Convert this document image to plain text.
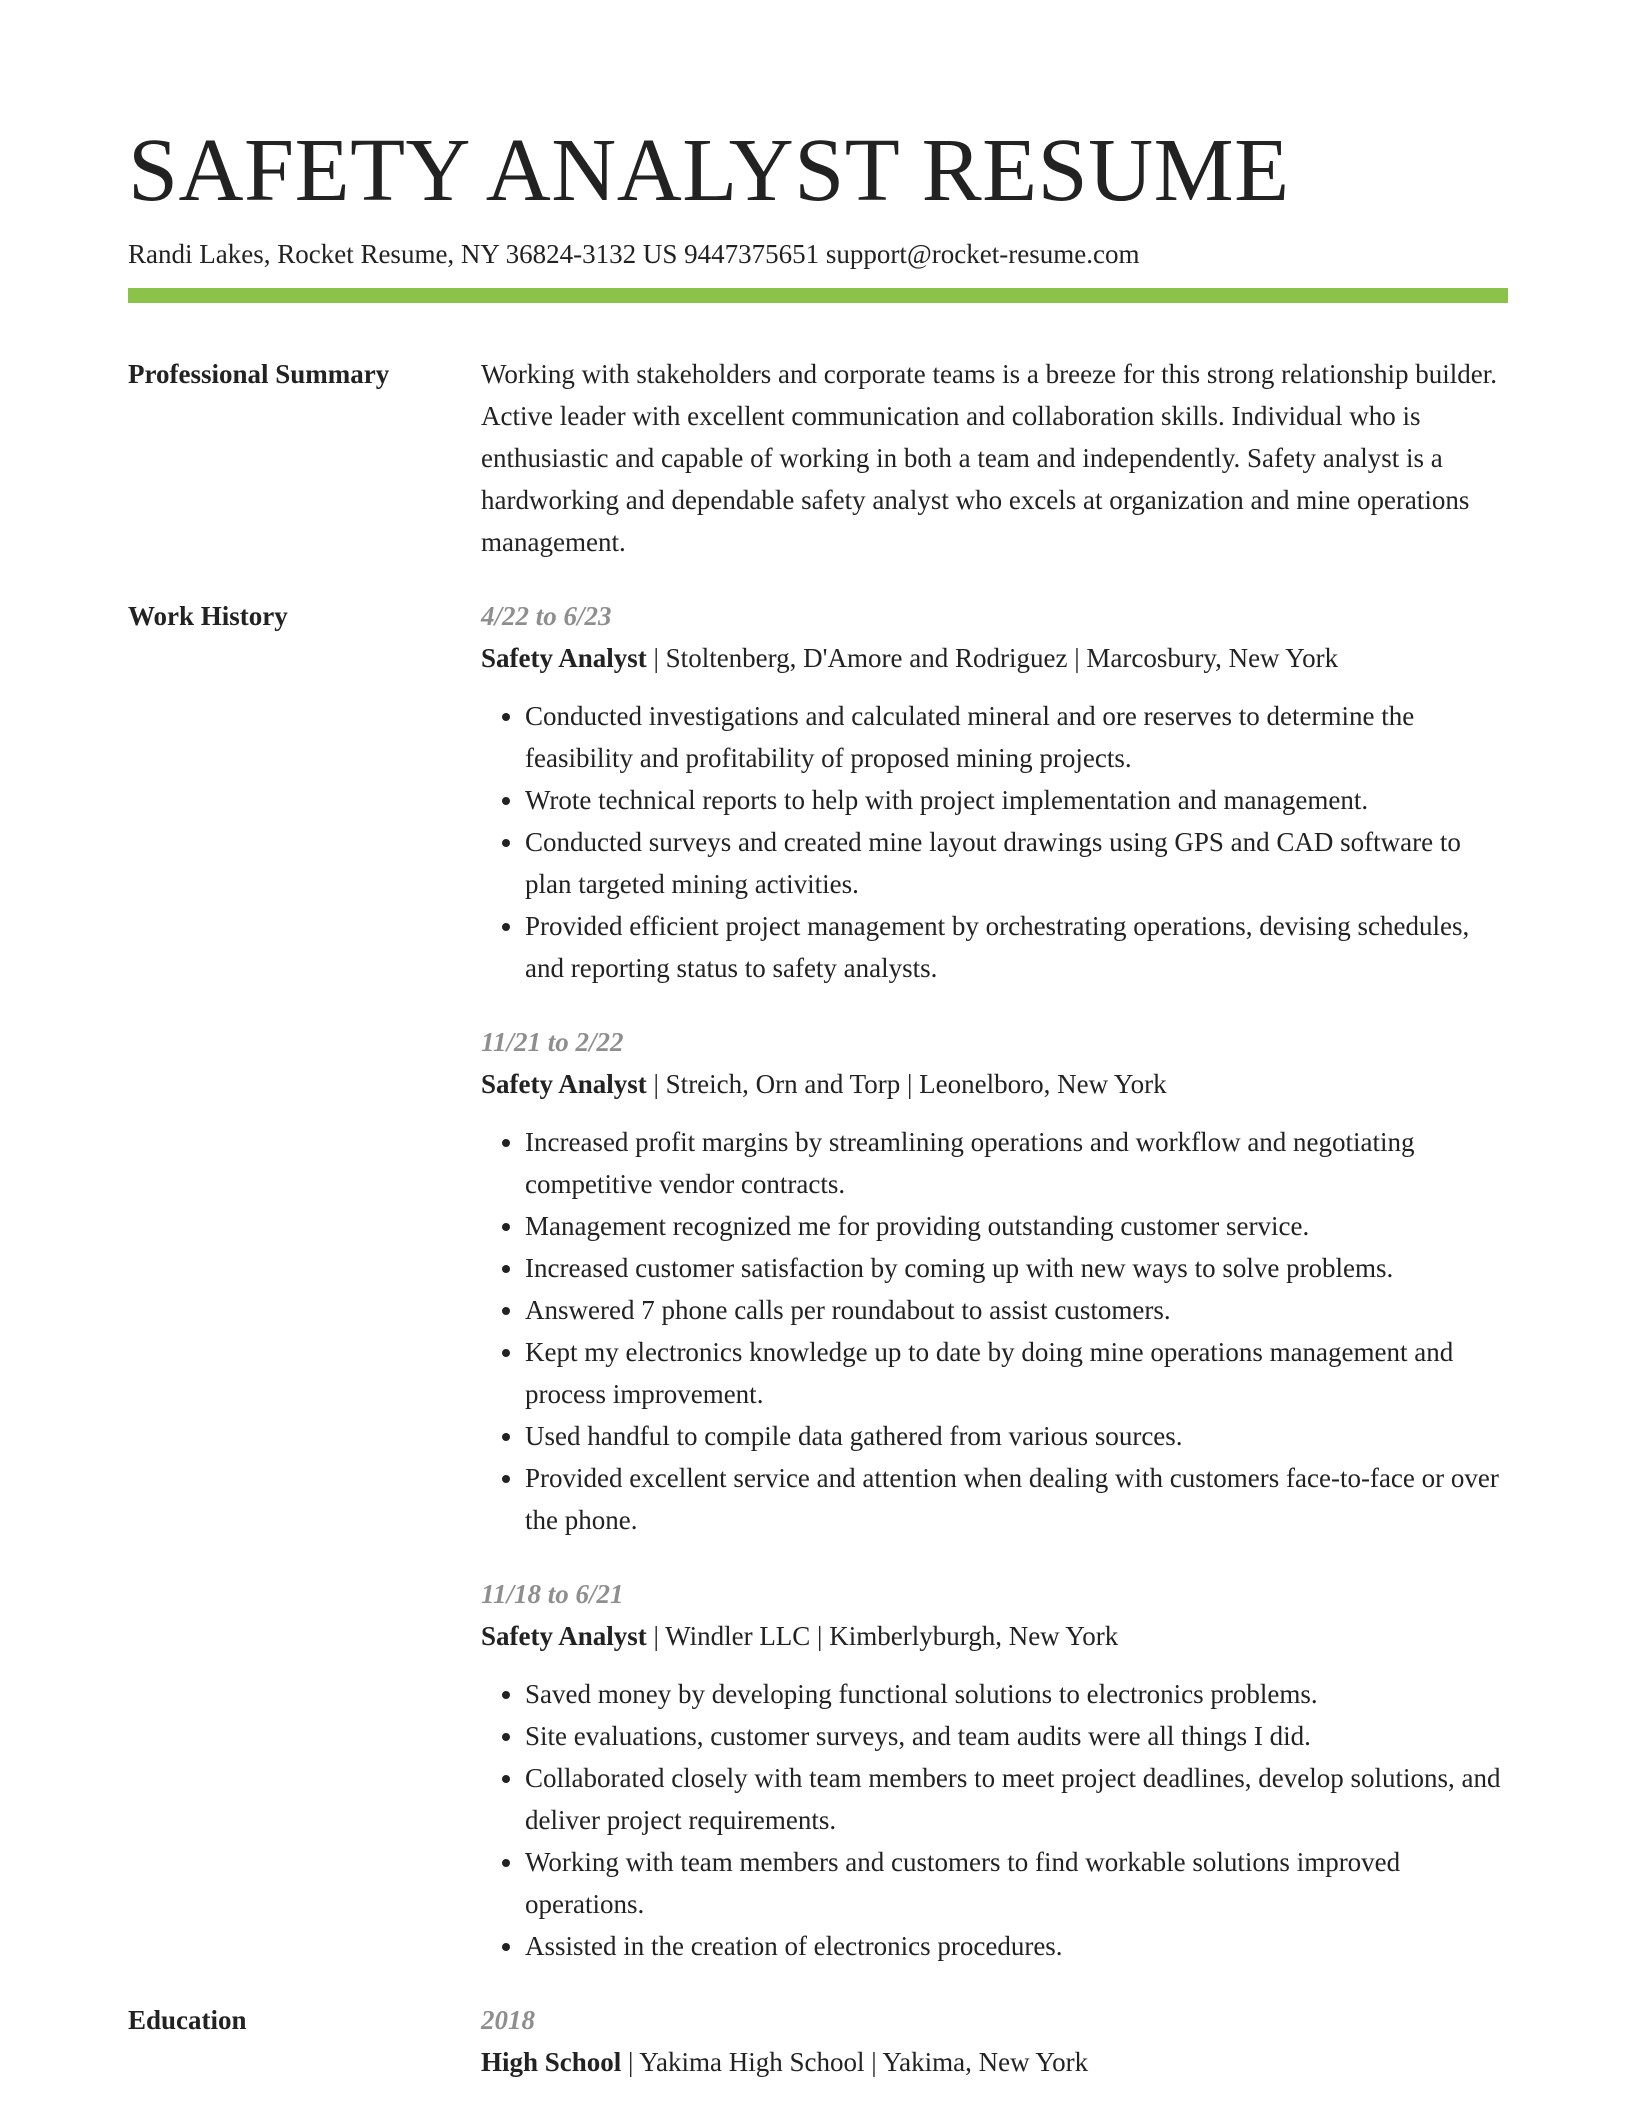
SAFETY ANALYST RESUME
Randi Lakes, Rocket Resume, NY 36824-3132 US 9447375651 support@rocket-resume.com
Professional Summary	Working with stakeholders and corporate teams is a breeze for this strong relationship builder. Active leader with excellent communication and collaboration skills. Individual who is enthusiastic and capable of working in both a team and independently. Safety analyst is a hardworking and dependable safety analyst who excels at organization and mine operations management.
Work History	4/22 to 6/23
Safety Analyst | Stoltenberg, D'Amore and Rodriguez | Marcosbury, New York
• Conducted investigations and calculated mineral and ore reserves to determine the feasibility and profitability of proposed mining projects.
• Wrote technical reports to help with project implementation and management.
• Conducted surveys and created mine layout drawings using GPS and CAD software to plan targeted mining activities.
• Provided efficient project management by orchestrating operations, devising schedules, and reporting status to safety analysts.
11/21 to 2/22
Safety Analyst | Streich, Orn and Torp | Leonelboro, New York
• Increased profit margins by streamlining operations and workflow and negotiating competitive vendor contracts.
• Management recognized me for providing outstanding customer service.
• Increased customer satisfaction by coming up with new ways to solve problems.
• Answered 7 phone calls per roundabout to assist customers.
• Kept my electronics knowledge up to date by doing mine operations management and process improvement.
• Used handful to compile data gathered from various sources.
• Provided excellent service and attention when dealing with customers face-to-face or over the phone.
11/18 to 6/21
Safety Analyst | Windler LLC | Kimberlyburgh, New York
• Saved money by developing functional solutions to electronics problems.
• Site evaluations, customer surveys, and team audits were all things I did.
• Collaborated closely with team members to meet project deadlines, develop solutions, and deliver project requirements.
• Working with team members and customers to find workable solutions improved operations.
• Assisted in the creation of electronics procedures.
Education	2018
High School | Yakima High School | Yakima, New York
